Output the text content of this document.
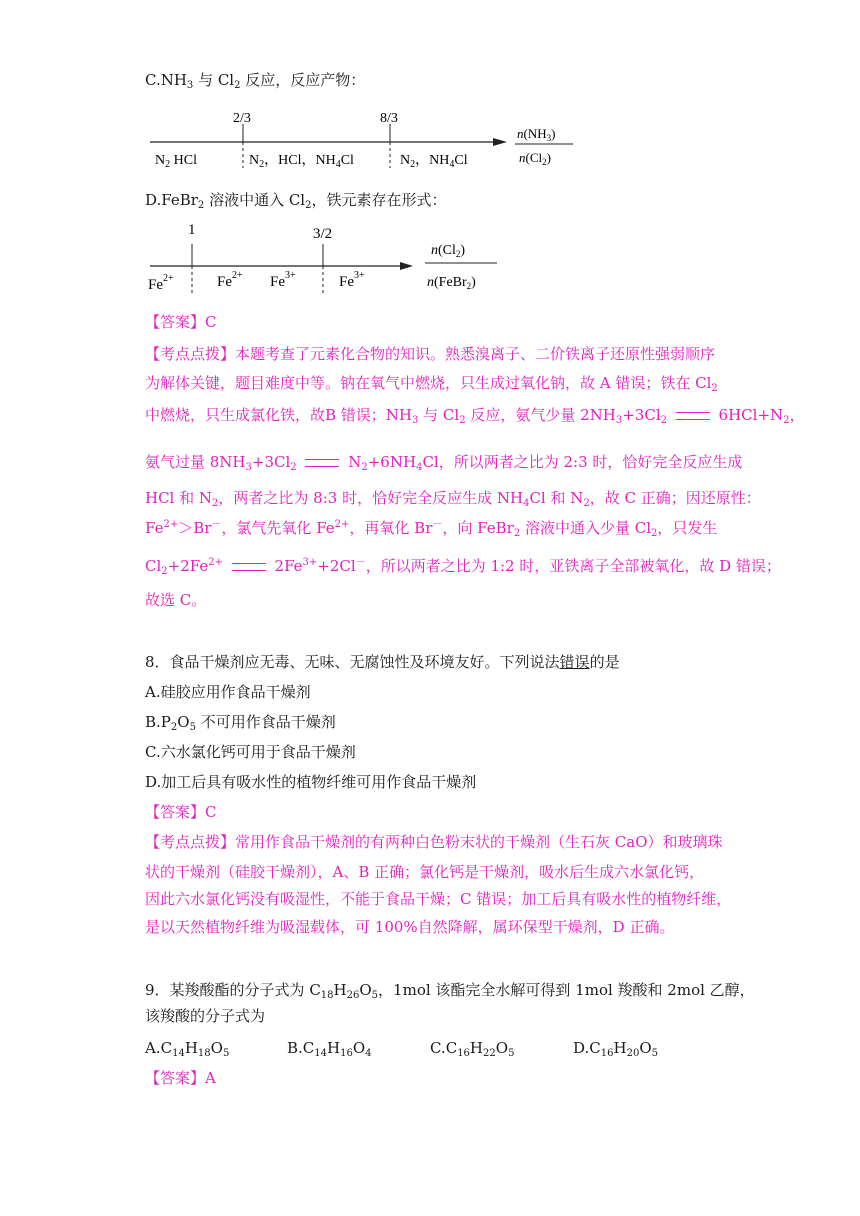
$C.NH_3$ 与 $Cl_2$ 反应，反应产物：
2/3	8/3
$N_2$ HCl	$N_2$，HCl，$NH_4Cl$	$N_2$，$NH_4Cl$
$n(NH_3)$
$n(Cl_2)$
D.FeBr$_2$ 溶液中通入 $Cl_2$，铁元素存在形式：
1	3/2
$Fe^{2+}$	$Fe^{2+}$ $Fe^{3+}$	$Fe^{3+}$
$n(Cl_2)$
n(FeBr$_2$)
【答案】C
【考点点拨】本题考查了元素化合物的知识。熟悉溴离子、二价铁离子还原性强弱顺序
为解体关键，题目难度中等。钠在氧气中燃烧，只生成过氧化钠，故 A 错误；铁在 $Cl_2$
中燃烧，只生成氯化铁，故B 错误；$NH_3$ 与 $Cl_2$ 反应，氨气少量 $2NH_3+3Cl_2$	$6HCl+N_2$，
氨气过量 $8NH_3+3Cl_2$	$N_2+6NH_4Cl$，所以两者之比为 2:3 时，恰好完全反应生成
HCl 和 $N_2$，两者之比为 8:3 时，恰好完全反应生成 $NH_4Cl$ 和 $N_2$，故 C 正确；因还原性：
$Fe^{2+}>Br^-$，氯气先氧化 $Fe^{2+}$，再氧化 Br－，向 FeBr$_2$ 溶液中通入少量 $Cl_2$，只发生
$Cl_2+2Fe^{2+}$	$2Fe^{3+}+2Cl^-$，所以两者之比为 1:2 时，亚铁离子全部被氧化，故 D 错误；
故选 C。
8．食品干燥剂应无毒、无味、无腐蚀性及环境友好。下列说法错误的是
A.硅胶应用作食品干燥剂
$B.P_2O_5$ 不可用作食品干燥剂
C.六水氯化钙可用于食品干燥剂
D.加工后具有吸水性的植物纤维可用作食品干燥剂
【答案】C
【考点点拨】常用作食品干燥剂的有两种白色粉末状的干燥剂（生石灰 CaO）和玻璃珠
状的干燥剂（硅胶干燥剂），A、B 正确；氯化钙是干燥剂，吸水后生成六水氯化钙，
因此六水氯化钙没有吸湿性，不能于食品干燥；C 错误；加工后具有吸水性的植物纤维，
是以天然植物纤维为吸湿载体，可 100%自然降解，属环保型干燥剂，D 正确。
9．某羧酸酯的分子式为 $C_{18}H_{26}O_5$，1mol 该酯完全水解可得到 1mol 羧酸和 2mol 乙醇，
该羧酸的分子式为
$A.C_{14}H_{18}O_5$	$B.C_{14}H_{16}O_4$	$C.C_{16}H_{22}O_5$	$D.C_{16}H_{20}O_5$
【答案】A
